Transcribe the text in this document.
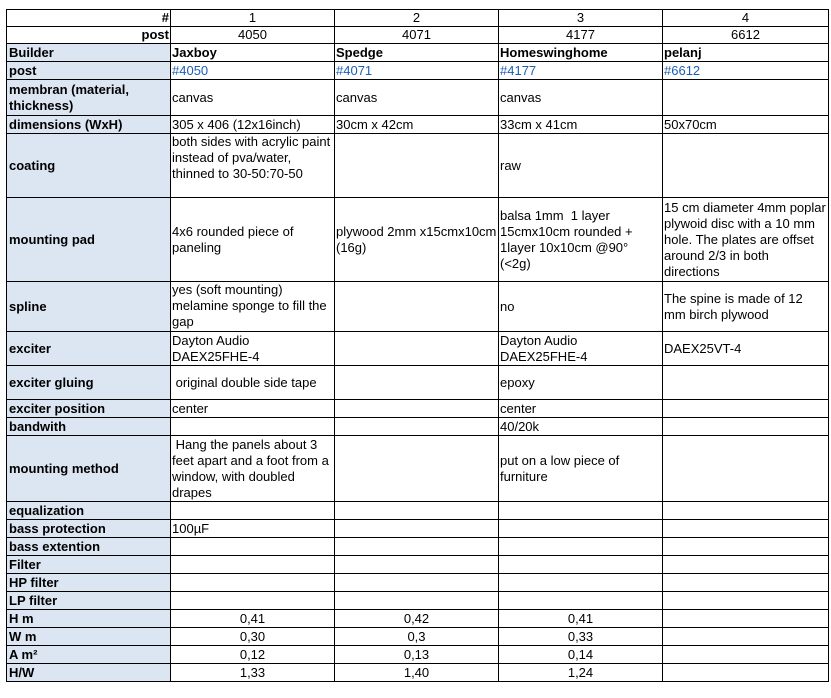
#	1	2	3	4
post	4050	4071	4177	6612
Builder	Jaxboy	Spedge	Homeswinghome	pelanj
post	#4050	#4071	#4177	#6612
membran (material, thickness)	canvas	canvas	canvas	
dimensions (WxH)	305 x 406 (12x16inch)	30cm x 42cm	33cm x 41cm	50x70cm
coating	both sides with acrylic paint instead of pva/water, thinned to 30-50:70-50		raw	
mounting pad	4x6 rounded piece of paneling	plywood 2mm x15cmx10cm (16g)	balsa 1mm  1 layer 15cmx10cm rounded + 1layer 10x10cm @90° (<2g)	15 cm diameter 4mm poplar plywoid disc with a 10 mm hole. The plates are offset around 2/3 in both directions
spline	yes (soft mounting) melamine sponge to fill the gap		no	The spine is made of 12 mm birch plywood
exciter	Dayton Audio DAEX25FHE-4		Dayton Audio DAEX25FHE-4	DAEX25VT-4
exciter gluing	original double side tape		epoxy	
exciter position	center		center	
bandwith			40/20k	
mounting method	Hang the panels about 3 feet apart and a foot from a window, with doubled drapes		put on a low piece of furniture	
equalization				
bass protection	100µF			
bass extention				
Filter				
HP filter				
LP filter				
H m	0,41	0,42	0,41	
W m	0,30	0,3	0,33	
A m²	0,12	0,13	0,14	
H/W	1,33	1,40	1,24	
